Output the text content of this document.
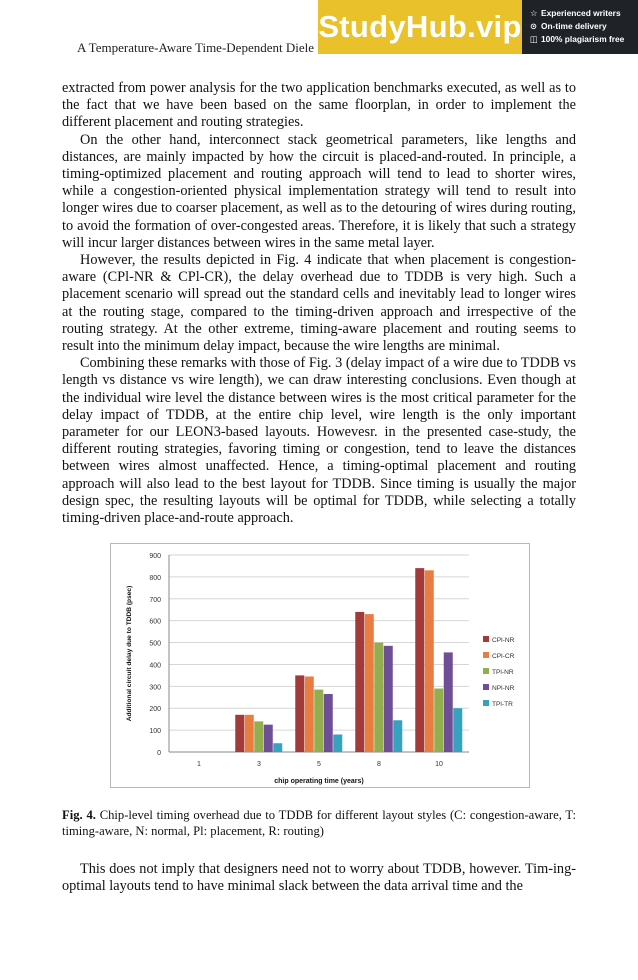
A Temperature-Aware Time-Dependent Diele
StudyHub.vip ☆ Experienced writers
⊙ On-time delivery
◫ 100% plagiarism free

extracted from power analysis for the two application benchmarks executed, as well as to the fact that we have been based on the same floorplan, in order to implement the different placement and routing strategies.

On the other hand, interconnect stack geometrical parameters, like lengths and distances, are mainly impacted by how the circuit is placed-and-routed. In principle, a timing-optimized placement and routing approach will tend to lead to shorter wires, while a congestion-oriented physical implementation strategy will tend to result into longer wires due to coarser placement, as well as to the detouring of wires during routing, to avoid the formation of over-congested areas. Therefore, it is likely that such a strategy will incur larger distances between wires in the same metal layer.

However, the results depicted in Fig. 4 indicate that when placement is congestion-aware (CPl-NR & CPl-CR), the delay overhead due to TDDB is very high. Such a placement scenario will spread out the standard cells and inevitably lead to longer wires at the routing stage, compared to the timing-driven approach and irrespective of the routing strategy. At the other extreme, timing-aware placement and routing seems to result into the minimum delay impact, because the wire lengths are minimal.

Combining these remarks with those of Fig. 3 (delay impact of a wire due to TDDB vs length vs distance vs wire length), we can draw interesting conclusions. Even though at the individual wire level the distance between wires is the most critical parameter for the delay impact of TDDB, at the entire chip level, wire length is the only important parameter for our LEON3-based layouts. Howevesr. in the presented case-study, the different routing strategies, favoring timing or congestion, tend to leave the distances between wires almost unaffected. Hence, a timing-optimal placement and routing approach will also lead to the best layout for TDDB. Since timing is usually the major design spec, the resulting layouts will be optimal for TDDB, while selecting a totally timing-driven place-and-route approach.

0
100
200
300
400
500
600
700
800
900
1	3	5	8	10
chip operating time (years)
Additional circuit delay due to TDDB (psec)	CPl-NR
CPl-CR
TPl-NR
NPl-NR
TPl-TR
Fig. 4. Chip-level timing overhead due to TDDB for different layout styles (C: congestion-aware, T: timing-aware, N: normal, Pl: placement, R: routing)

This does not imply that designers need not to worry about TDDB, however. Tim-ing-optimal layouts tend to have minimal slack between the data arrival time and the
